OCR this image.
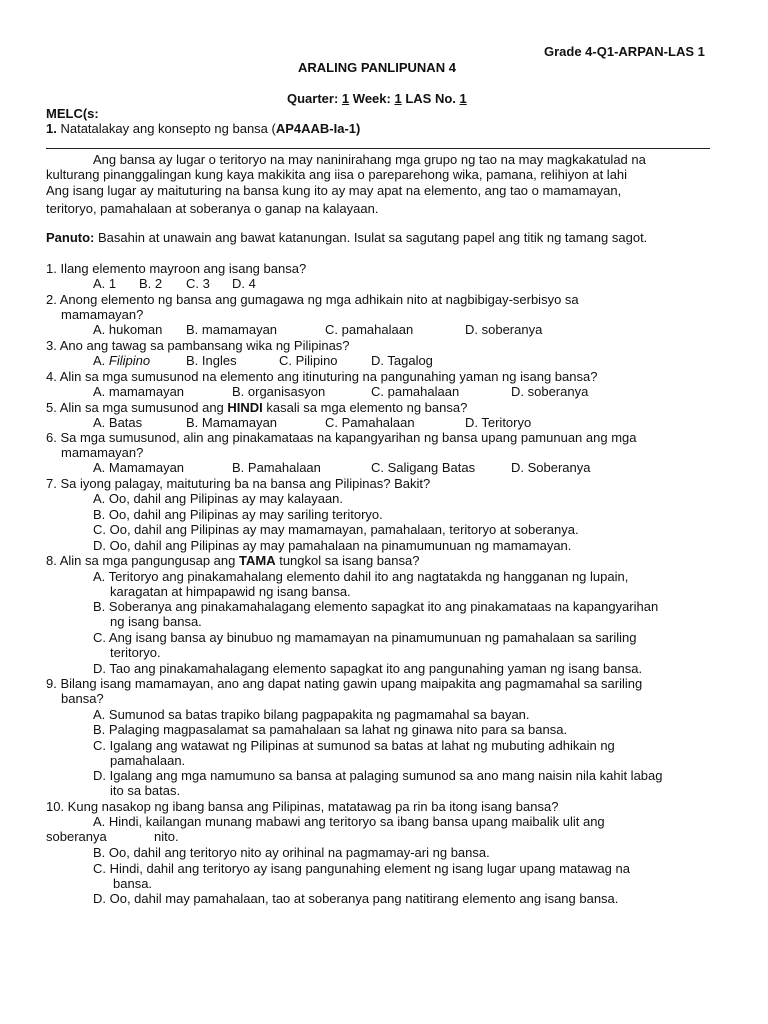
Grade 4-Q1-ARPAN-LAS 1
ARALING PANLIPUNAN 4
Quarter: 1 Week: 1 LAS No. 1
MELC(s:
1. Natatalakay ang konsepto ng bansa (AP4AAB-Ia-1)
Ang bansa ay lugar o teritoryo na may naninirahang mga grupo ng tao na may magkakatulad na
kulturang pinanggalingan kung kaya makikita ang iisa o pareparehong wika, pamana, relihiyon at lahi
Ang isang lugar ay maituturing na bansa kung ito ay may apat na elemento, ang tao o mamamayan,
teritoryo, pamahalaan at soberanya o ganap na kalayaan.
Panuto: Basahin at unawain ang bawat katanungan. Isulat sa sagutang papel ang titik ng tamang sagot.
1. Ilang elemento mayroon ang isang bansa?
A. 1 B. 2 C. 3 D. 4
2. Anong elemento ng bansa ang gumagawa ng mga adhikain nito at nagbibigay-serbisyo sa
mamamayan?
A. hukoman B. mamamayan	C. pamahalaan	D. soberanya
3. Ano ang tawag sa pambansang wika ng Pilipinas?
A. Filipino	B. Ingles	C. Pilipino	D. Tagalog
4. Alin sa mga sumusunod na elemento ang itinuturing na pangunahing yaman ng isang bansa?
A. mamamayan	B. organisasyon	C. pamahalaan	D. soberanya
5. Alin sa mga sumusunod ang HINDI kasali sa mga elemento ng bansa?
A. Batas	B. Mamamayan	C. Pamahalaan	D. Teritoryo
6. Sa mga sumusunod, alin ang pinakamataas na kapangyarihan ng bansa upang pamunuan ang mga
mamamayan?
A. Mamamayan	B. Pamahalaan	C. Saligang Batas	D. Soberanya
7. Sa iyong palagay, maituturing ba na bansa ang Pilipinas? Bakit?
A. Oo, dahil ang Pilipinas ay may kalayaan.
B. Oo, dahil ang Pilipinas ay may sariling teritoryo.
C. Oo, dahil ang Pilipinas ay may mamamayan, pamahalaan, teritoryo at soberanya.
D. Oo, dahil ang Pilipinas ay may pamahalaan na pinamumunuan ng mamamayan.
8. Alin sa mga pangungusap ang TAMA tungkol sa isang bansa?
A. Teritoryo ang pinakamahalang elemento dahil ito ang nagtatakda ng hangganan ng lupain,
karagatan at himpapawid ng isang bansa.
B. Soberanya ang pinakamahalagang elemento sapagkat ito ang pinakamataas na kapangyarihan
ng isang bansa.
C. Ang isang bansa ay binubuo ng mamamayan na pinamumunuan ng pamahalaan sa sariling
teritoryo.
D. Tao ang pinakamahalagang elemento sapagkat ito ang pangunahing yaman ng isang bansa.
9. Bilang isang mamamayan, ano ang dapat nating gawin upang maipakita ang pagmamahal sa sariling
bansa?
A. Sumunod sa batas trapiko bilang pagpapakita ng pagmamahal sa bayan.
B. Palaging magpasalamat sa pamahalaan sa lahat ng ginawa nito para sa bansa.
C. Igalang ang watawat ng Pilipinas at sumunod sa batas at lahat ng mubuting adhikain ng
pamahalaan.
D. Igalang ang mga namumuno sa bansa at palaging sumunod sa ano mang naisin nila kahit labag
ito sa batas.
10. Kung nasakop ng ibang bansa ang Pilipinas, matatawag pa rin ba itong isang bansa?
A. Hindi, kailangan munang mabawi ang teritoryo sa ibang bansa upang maibalik ulit ang
soberanya	nito.
B. Oo, dahil ang teritoryo nito ay orihinal na pagmamay-ari ng bansa.
C. Hindi, dahil ang teritoryo ay isang pangunahing element ng isang lugar upang matawag na
bansa.
D. Oo, dahil may pamahalaan, tao at soberanya pang natitirang elemento ang isang bansa.
